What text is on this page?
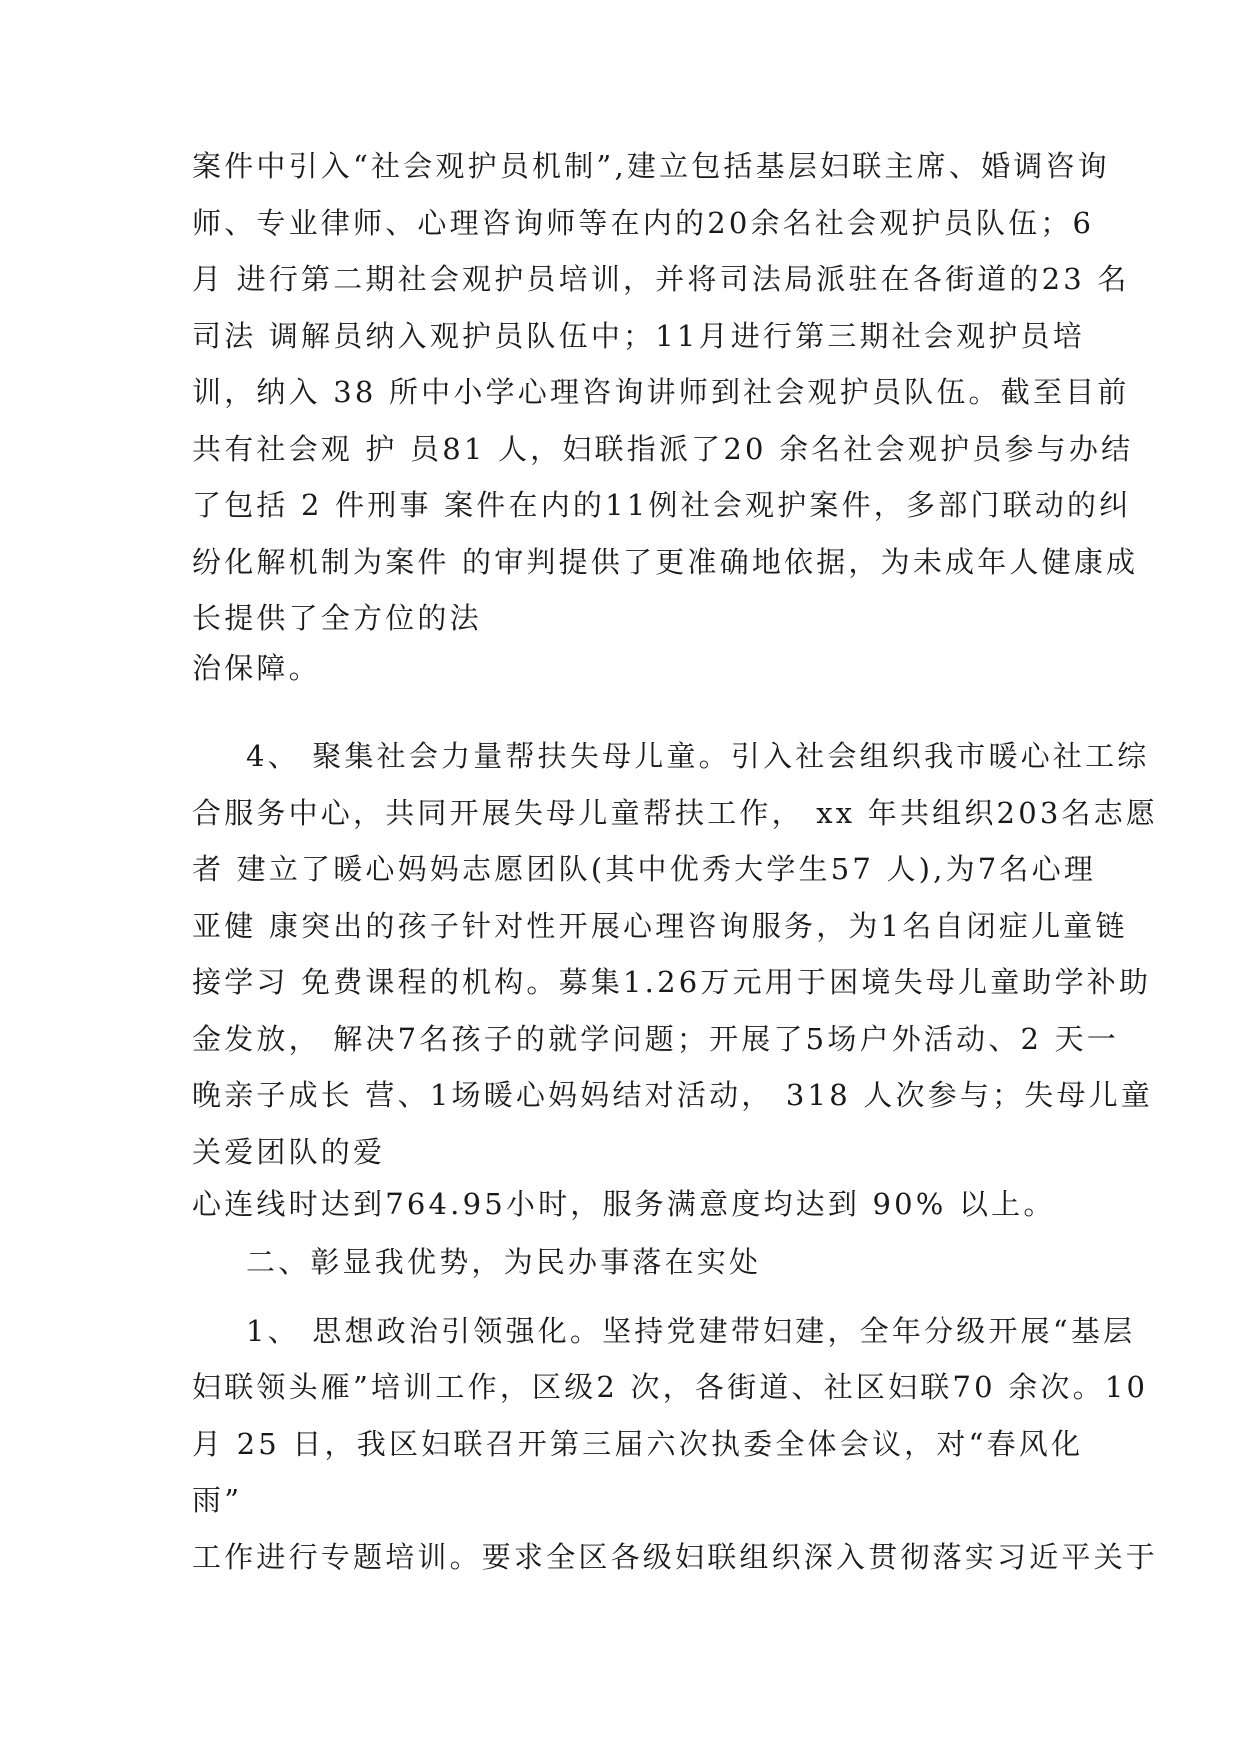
案件中引入“社会观护员机制”,建立包括基层妇联主席、婚调咨询
师、专业律师、心理咨询师等在内的20余名社会观护员队伍；6
月 进行第二期社会观护员培训，并将司法局派驻在各街道的23 名
司法 调解员纳入观护员队伍中；11月进行第三期社会观护员培
训，纳入 38 所中小学心理咨询讲师到社会观护员队伍。截至目前
共有社会观 护 员81 人，妇联指派了20 余名社会观护员参与办结
了包括 2 件刑事 案件在内的11例社会观护案件，多部门联动的纠
纷化解机制为案件 的审判提供了更准确地依据，为未成年人健康成
长提供了全方位的法
治保障。
4、 聚集社会力量帮扶失母儿童。引入社会组织我市暖心社工综
合服务中心，共同开展失母儿童帮扶工作， xx 年共组织203名志愿
者 建立了暖心妈妈志愿团队(其中优秀大学生57 人),为7名心理
亚健 康突出的孩子针对性开展心理咨询服务，为1名自闭症儿童链
接学习 免费课程的机构。募集1.26万元用于困境失母儿童助学补助
金发放， 解决7名孩子的就学问题；开展了5场户外活动、2 天一
晚亲子成长 营、1场暖心妈妈结对活动， 318 人次参与；失母儿童
关爱团队的爱
心连线时达到764.95小时，服务满意度均达到 90% 以上。
二、彰显我优势，为民办事落在实处
1、 思想政治引领强化。坚持党建带妇建，全年分级开展“基层
妇联领头雁”培训工作，区级2 次，各街道、社区妇联70 余次。10
月 25 日，我区妇联召开第三届六次执委全体会议，对“春风化
雨”
工作进行专题培训。要求全区各级妇联组织深入贯彻落实习近平关于
